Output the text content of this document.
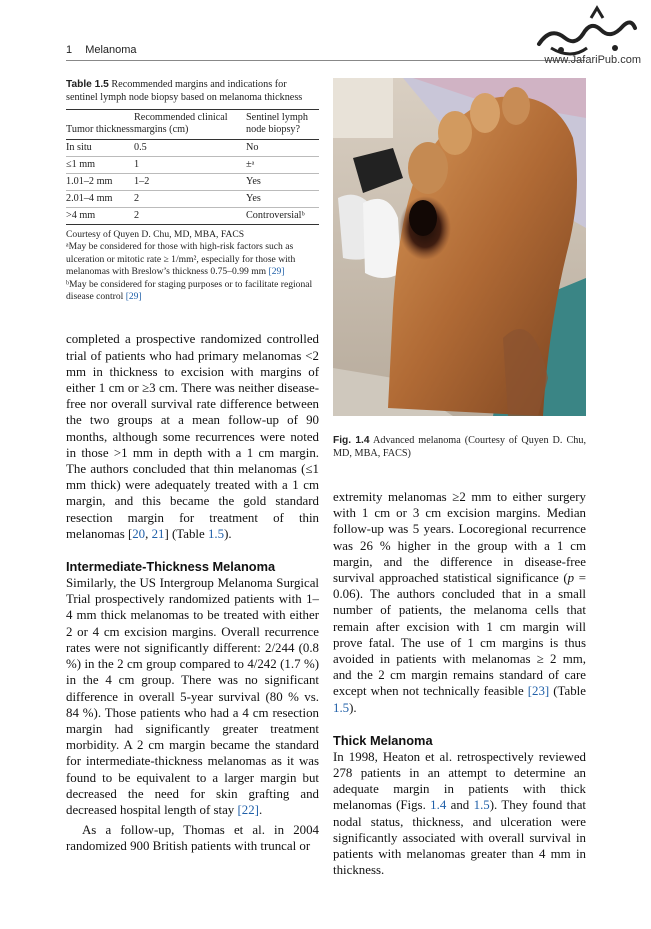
1 Melanoma
www.JafariPub.com
Table 1.5 Recommended margins and indications for sentinel lymph node biopsy based on melanoma thickness
Tumor thickness	Recommended clinical margins (cm)	Sentinel lymph node biopsy?
In situ	0.5	No
≤1 mm	1	±ᵃ
1.01–2 mm	1–2	Yes
2.01–4 mm	2	Yes
>4 mm	2	Controversialᵇ

Courtesy of Quyen D. Chu, MD, MBA, FACS

ᵃMay be considered for those with high-risk factors such as ulceration or mitotic rate ≥ 1/mm², especially for those with melanomas with Breslow’s thickness 0.75–0.99 mm [29]

ᵇMay be considered for staging purposes or to facilitate regional disease control [29]

completed a prospective randomized controlled trial of patients who had primary melanomas <2 mm in thickness to excision with margins of either 1 cm or ≥3 cm. There was neither disease-free nor overall survival rate difference between the two groups at a mean follow-up of 90 months, although some recurrences were noted in those >1 mm in depth with a 1 cm margin. The authors concluded that thin melanomas (≤1 mm thick) were adequately treated with a 1 cm margin, and this became the gold standard resection margin for treatment of thin melanomas [20, 21] (Table 1.5).

Intermediate-Thickness Melanoma

Similarly, the US Intergroup Melanoma Surgical Trial prospectively randomized patients with 1–4 mm thick melanomas to be treated with either 2 or 4 cm excision margins. Overall recurrence rates were not significantly different: 2/244 (0.8 %) in the 2 cm group compared to 4/242 (1.7 %) in the 4 cm group. There was no significant difference in overall 5-year survival (80 % vs. 84 %). Those patients who had a 4 cm resection margin had significantly greater treatment morbidity. A 2 cm margin became the standard for intermediate-thickness melanomas as it was found to be equivalent to a larger margin but decreased the need for skin grafting and decreased hospital length of stay [22].

As a follow-up, Thomas et al. in 2004 randomized 900 British patients with truncal or

Fig. 1.4 Advanced melanoma (Courtesy of Quyen D. Chu, MD, MBA, FACS)

extremity melanomas ≥2 mm to either surgery with 1 cm or 3 cm excision margins. Median follow-up was 5 years. Locoregional recurrence was 26 % higher in the group with a 1 cm margin, and the difference in disease-free survival approached statistical significance (p = 0.06). The authors concluded that in a small number of patients, the melanoma cells that remain after excision with 1 cm margin will prove fatal. The use of 1 cm margins is thus avoided in patients with melanomas ≥ 2 mm, and the 2 cm margin remains standard of care except when not technically feasible [23] (Table 1.5).

Thick Melanoma

In 1998, Heaton et al. retrospectively reviewed 278 patients in an attempt to determine an adequate margin in patients with thick melanomas (Figs. 1.4 and 1.5). They found that nodal status, thickness, and ulceration were significantly associated with overall survival in patients with melanomas greater than 4 mm in thickness.
